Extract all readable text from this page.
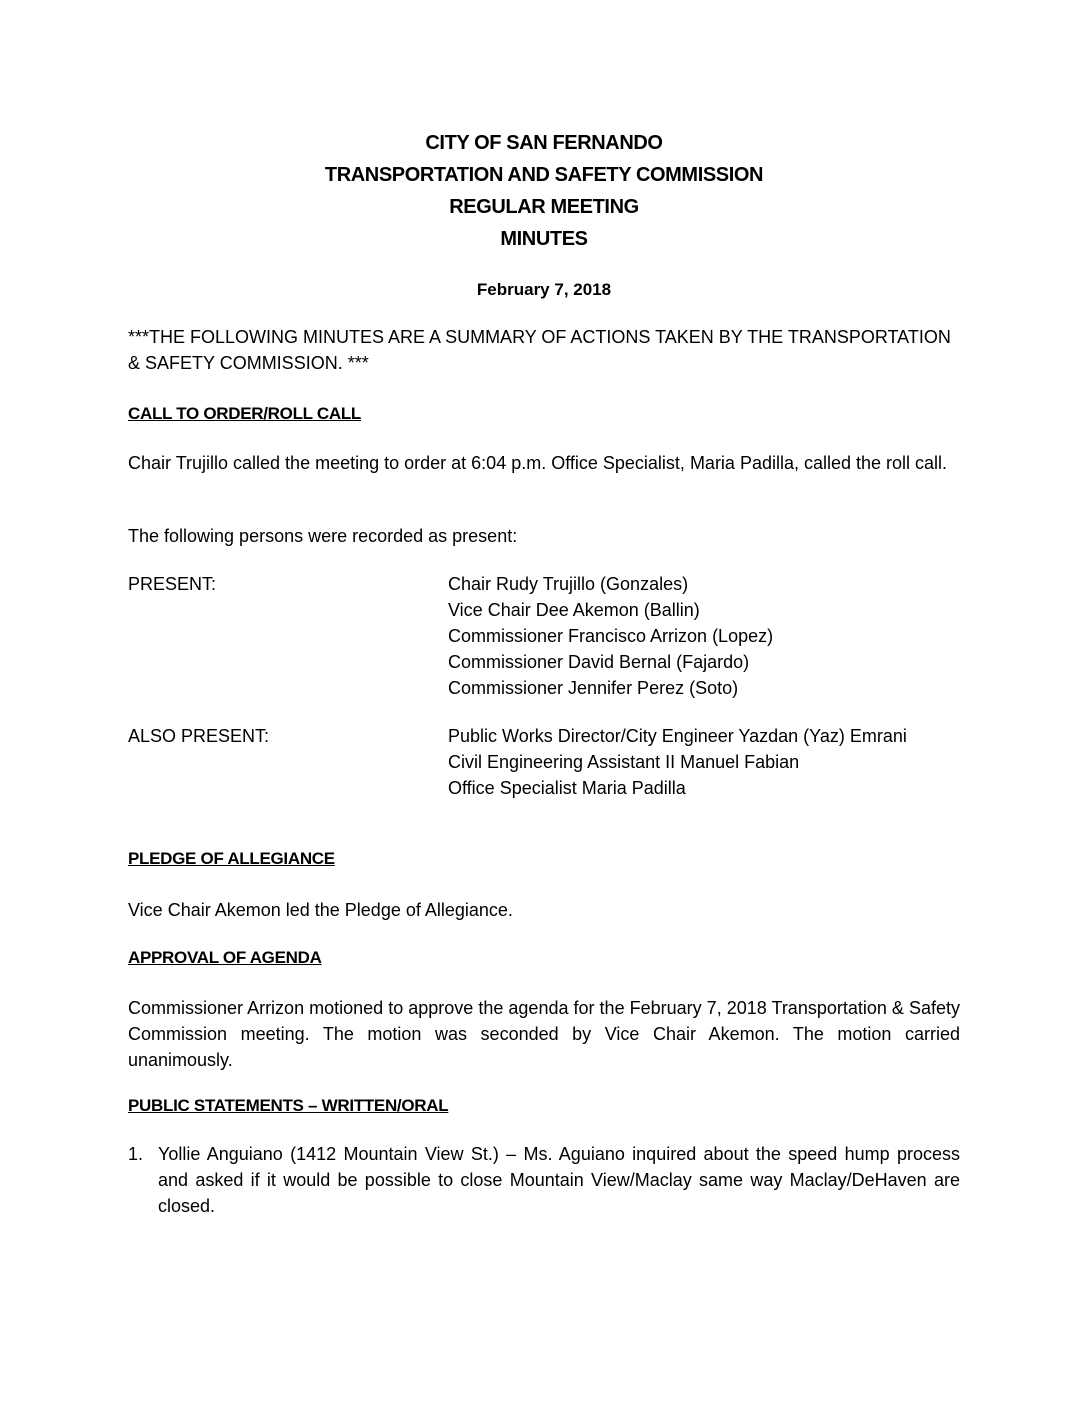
CITY OF SAN FERNANDO
TRANSPORTATION AND SAFETY COMMISSION
REGULAR MEETING
MINUTES
February 7, 2018
***THE FOLLOWING MINUTES ARE A SUMMARY OF ACTIONS TAKEN BY THE TRANSPORTATION & SAFETY COMMISSION. ***
CALL TO ORDER/ROLL CALL
Chair Trujillo called the meeting to order at 6:04 p.m. Office Specialist, Maria Padilla, called the roll call.
The following persons were recorded as present:
PRESENT:	Chair Rudy Trujillo (Gonzales)
Vice Chair Dee Akemon (Ballin)
Commissioner Francisco Arrizon (Lopez)
Commissioner David Bernal (Fajardo)
Commissioner Jennifer Perez (Soto)
ALSO PRESENT:	Public Works Director/City Engineer Yazdan (Yaz) Emrani
Civil Engineering Assistant II Manuel Fabian
Office Specialist Maria Padilla
PLEDGE OF ALLEGIANCE
Vice Chair Akemon led the Pledge of Allegiance.
APPROVAL OF AGENDA
Commissioner Arrizon motioned to approve the agenda for the February 7, 2018 Transportation & Safety Commission meeting. The motion was seconded by Vice Chair Akemon. The motion carried unanimously.
PUBLIC STATEMENTS – WRITTEN/ORAL
1. Yollie Anguiano (1412 Mountain View St.) – Ms. Aguiano inquired about the speed hump process and asked if it would be possible to close Mountain View/Maclay same way Maclay/DeHaven are closed.
